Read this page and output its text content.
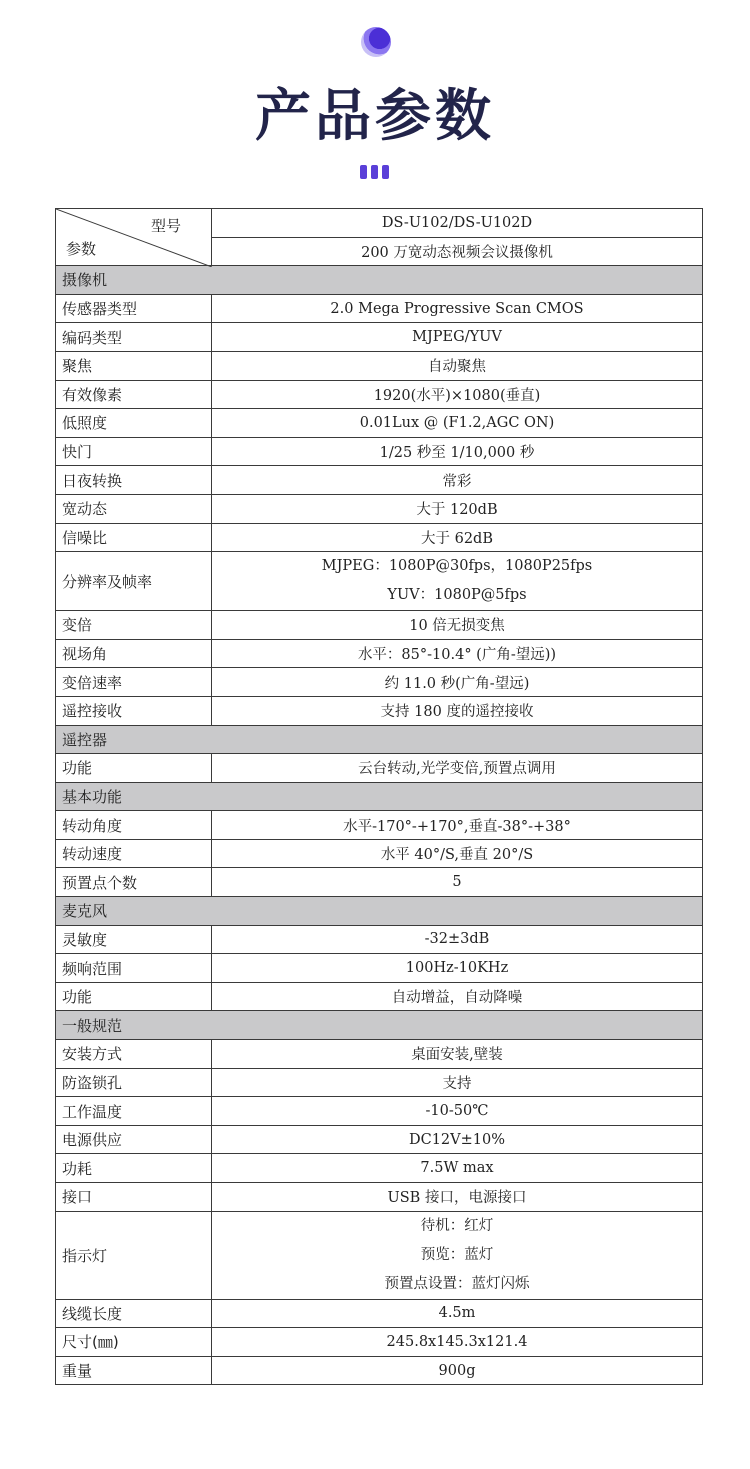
产品参数
型号
参数	DS-U102/DS-U102D
	200 万宽动态视频会议摄像机
摄像机	
传感器类型	2.0 Mega Progressive Scan CMOS

编码类型	MJPEG/YUV

聚焦	自动聚焦

有效像素	1920(水平)×1080(垂直)

低照度	0.01Lux @ (F1.2,AGC ON)

快门	1/25 秒至 1/10,000 秒

日夜转换	常彩

宽动态	大于 120dB

信噪比	大于 62dB

分辨率及帧率	MJPEG：1080P@30fps，1080P25fps
YUV：1080P@5fps

变倍	10 倍无损变焦

视场角	水平：85°-10.4° (广角-望远))

变倍速率	约 11.0 秒(广角-望远)

遥控接收	支持 180 度的遥控接收

遥控器	
功能	云台转动,光学变倍,预置点调用

基本功能	
转动角度	水平-170°-+170°,垂直-38°-+38°

转动速度	水平 40°/S,垂直 20°/S

预置点个数	5

麦克风	
灵敏度	-32±3dB

频响范围	100Hz-10KHz

功能	自动增益，自动降噪

一般规范	
安装方式	桌面安装,壁装

防盗锁孔	支持

工作温度	-10-50℃

电源供应	DC12V±10%

功耗	7.5W max

接口	USB 接口，电源接口

指示灯	待机：红灯
预览：蓝灯
预置点设置：蓝灯闪烁

线缆长度	4.5m

尺寸(㎜)	245.8x145.3x121.4

重量	900g
